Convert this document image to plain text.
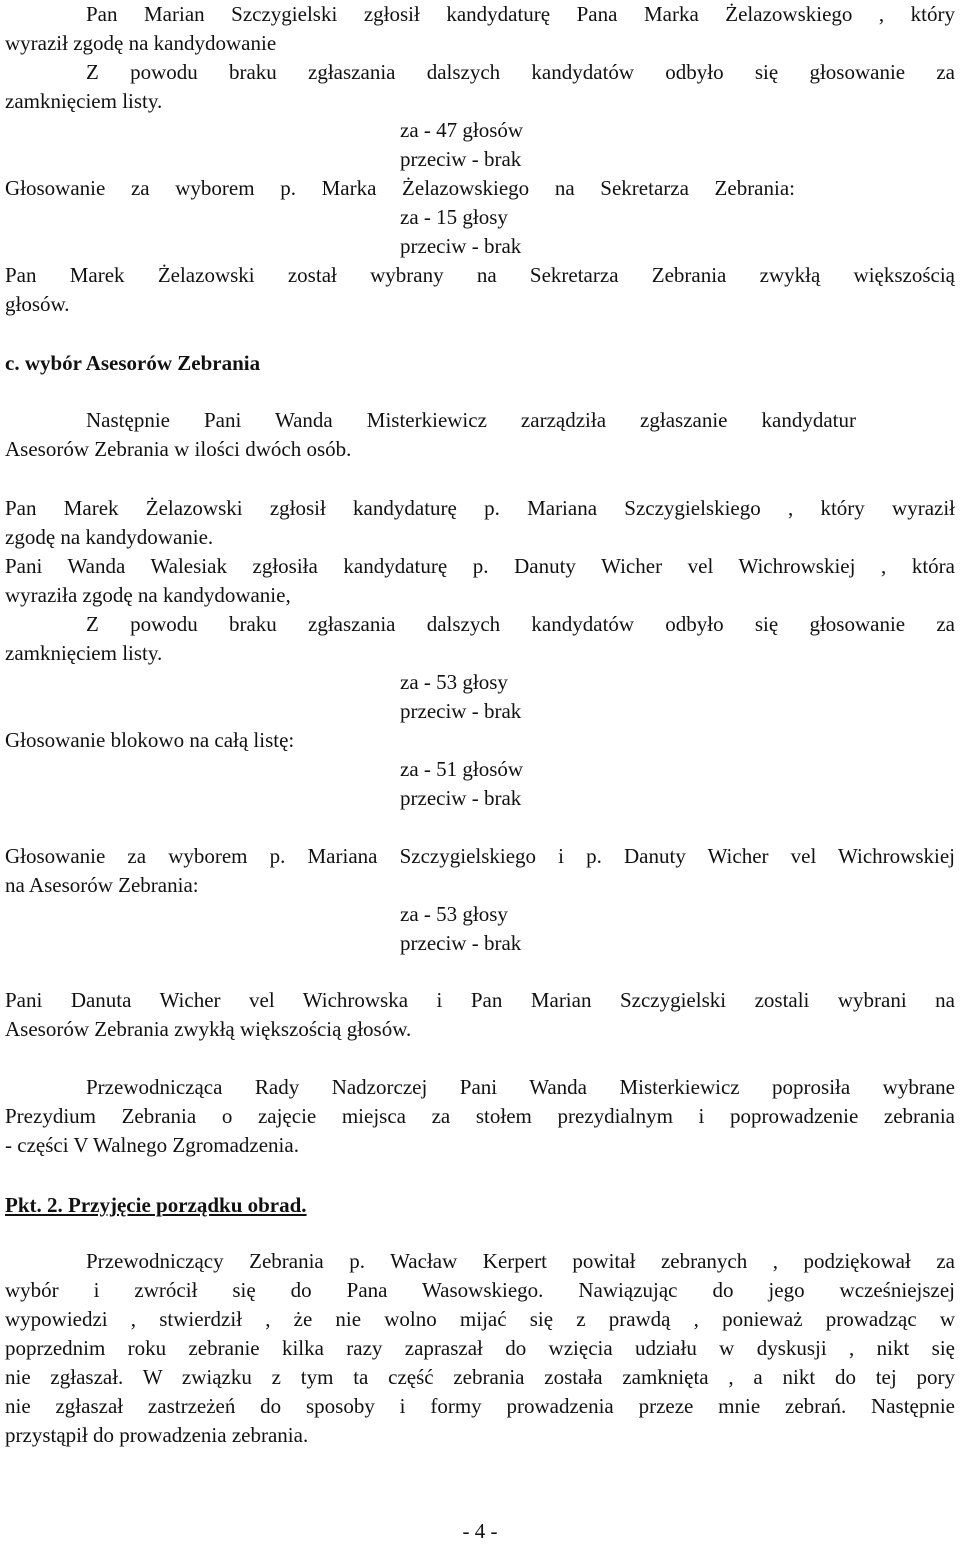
Pan Marian Szczygielski zgłosił kandydaturę Pana Marka Żelazowskiego , który
wyraził zgodę na kandydowanie
Z powodu braku zgłaszania dalszych kandydatów odbyło się głosowanie za
zamknięciem listy.
za - 47 głosów
przeciw - brak
Głosowanie za wyborem p. Marka Żelazowskiego na Sekretarza Zebrania:
za - 15 głosy
przeciw - brak
Pan Marek Żelazowski został wybrany na Sekretarza Zebrania zwykłą większością
głosów.
c. wybór Asesorów Zebrania
Następnie Pani Wanda Misterkiewicz zarządziła zgłaszanie kandydatur
Asesorów Zebrania w ilości dwóch osób.
Pan Marek Żelazowski zgłosił kandydaturę p. Mariana Szczygielskiego , który wyraził
zgodę na kandydowanie.
Pani Wanda Walesiak zgłosiła kandydaturę p. Danuty Wicher vel Wichrowskiej , która
wyraziła zgodę na kandydowanie,
Z powodu braku zgłaszania dalszych kandydatów odbyło się głosowanie za
zamknięciem listy.
za - 53 głosy
przeciw - brak
Głosowanie blokowo na całą listę:
za - 51 głosów
przeciw - brak
Głosowanie za wyborem p. Mariana Szczygielskiego i p. Danuty Wicher vel Wichrowskiej
na Asesorów Zebrania:
za - 53 głosy
przeciw - brak
Pani Danuta Wicher vel Wichrowska i Pan Marian Szczygielski zostali wybrani na
Asesorów Zebrania zwykłą większością głosów.
Przewodnicząca Rady Nadzorczej Pani Wanda Misterkiewicz poprosiła wybrane
Prezydium Zebrania o zajęcie miejsca za stołem prezydialnym i poprowadzenie zebrania
- części V Walnego Zgromadzenia.
Pkt. 2. Przyjęcie porządku obrad.
Przewodniczący Zebrania p. Wacław Kerpert powitał zebranych , podziękował za
wybór i zwrócił się do Pana Wasowskiego. Nawiązując do jego wcześniejszej
wypowiedzi , stwierdził , że nie wolno mijać się z prawdą , ponieważ prowadząc w
poprzednim roku zebranie kilka razy zapraszał do wzięcia udziału w dyskusji , nikt się
nie zgłaszał. W związku z tym ta część zebrania została zamknięta , a nikt do tej pory
nie zgłaszał zastrzeżeń do sposoby i formy prowadzenia przeze mnie zebrań. Następnie
przystąpił do prowadzenia zebrania.
- 4 -
